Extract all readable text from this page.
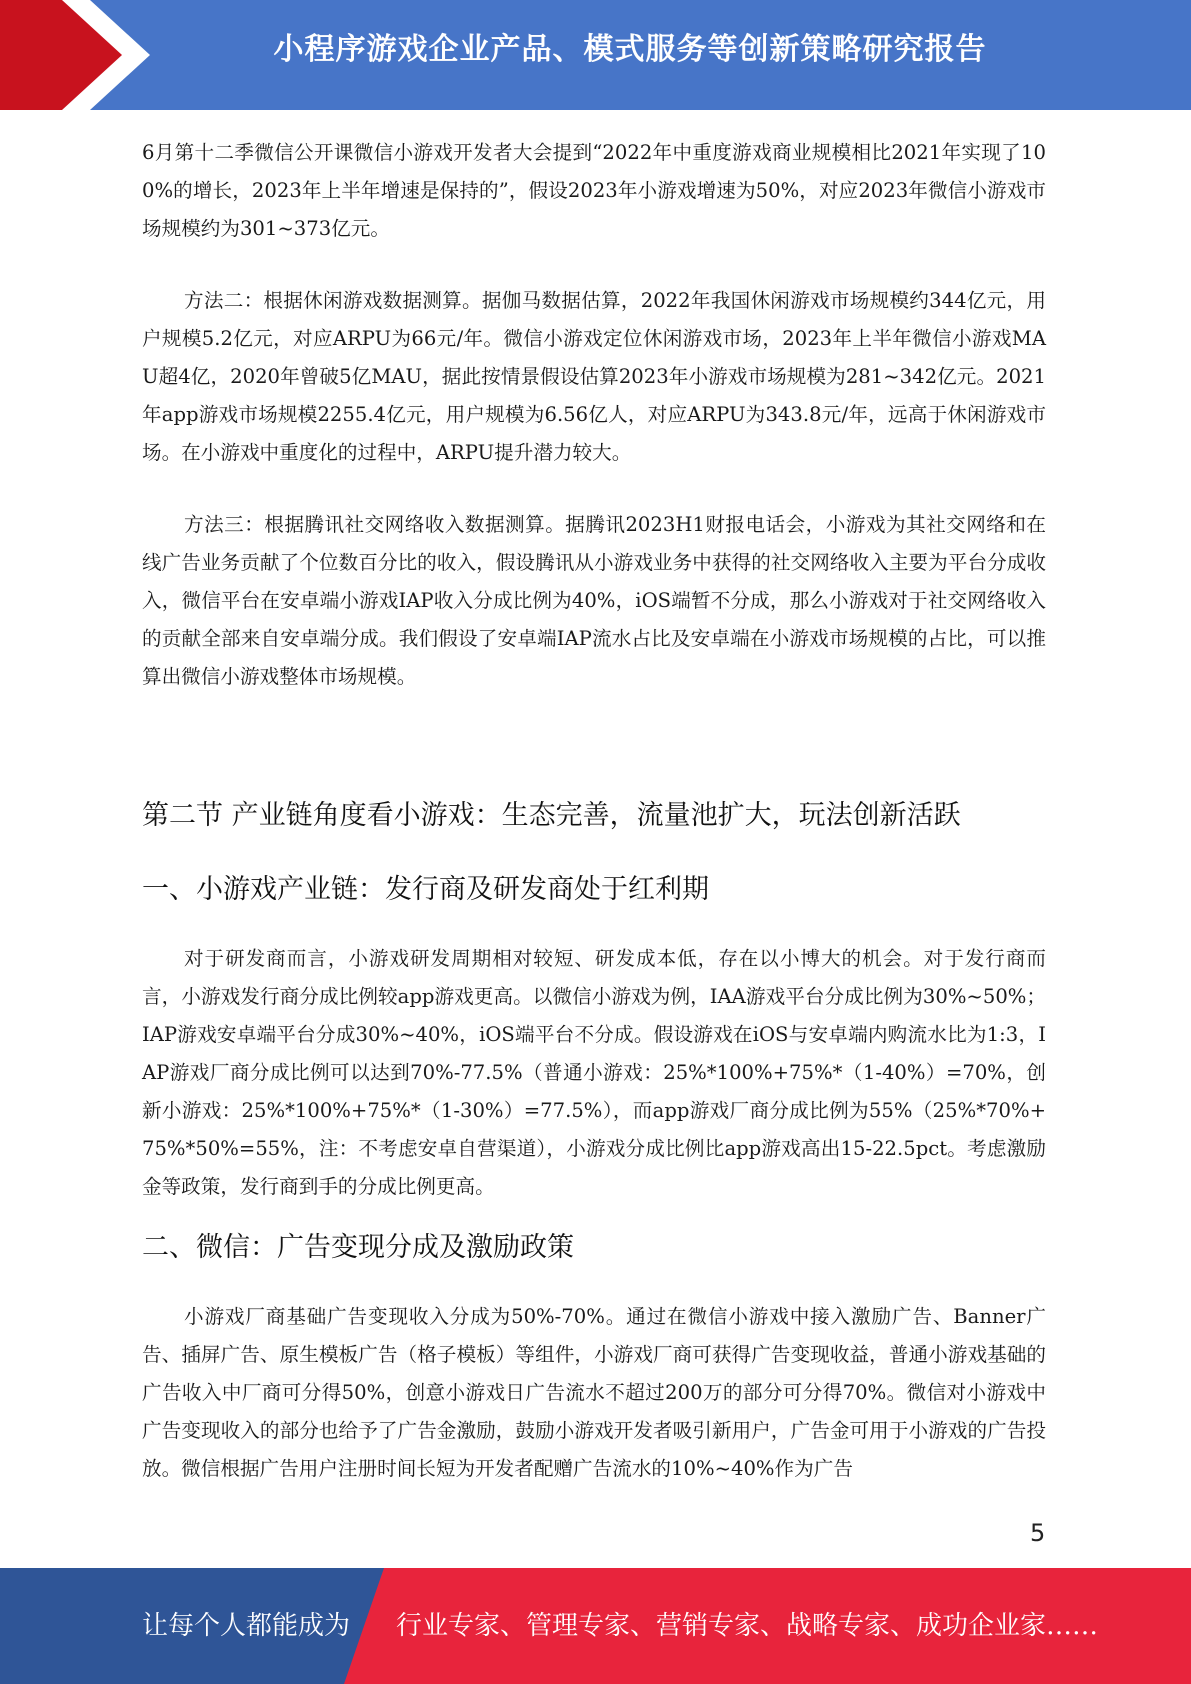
小程序游戏企业产品、模式服务等创新策略研究报告

6月第十二季微信公开课微信小游戏开发者大会提到“2022年中重度游戏商业规模相比2021年实现了100%的增长，2023年上半年增速是保持的”，假设2023年小游戏增速为50%，对应2023年微信小游戏市场规模约为301~373亿元。

方法二：根据休闲游戏数据测算。据伽马数据估算，2022年我国休闲游戏市场规模约344亿元，用户规模5.2亿元，对应ARPU为66元/年。微信小游戏定位休闲游戏市场，2023年上半年微信小游戏MAU超4亿，2020年曾破5亿MAU，据此按情景假设估算2023年小游戏市场规模为281~342亿元。2021年app游戏市场规模2255.4亿元，用户规模为6.56亿人，对应ARPU为343.8元/年，远高于休闲游戏市场。在小游戏中重度化的过程中，ARPU提升潜力较大。

方法三：根据腾讯社交网络收入数据测算。据腾讯2023H1财报电话会，小游戏为其社交网络和在线广告业务贡献了个位数百分比的收入，假设腾讯从小游戏业务中获得的社交网络收入主要为平台分成收入，微信平台在安卓端小游戏IAP收入分成比例为40%，iOS端暂不分成，那么小游戏对于社交网络收入的贡献全部来自安卓端分成。我们假设了安卓端IAP流水占比及安卓端在小游戏市场规模的占比，可以推算出微信小游戏整体市场规模。

第二节 产业链角度看小游戏：生态完善，流量池扩大，玩法创新活跃
一、小游戏产业链：发行商及研发商处于红利期

对于研发商而言，小游戏研发周期相对较短、研发成本低，存在以小博大的机会。对于发行商而言，小游戏发行商分成比例较app游戏更高。以微信小游戏为例，IAA游戏平台分成比例为30%~50%；IAP游戏安卓端平台分成30%~40%，iOS端平台不分成。假设游戏在iOS与安卓端内购流水比为1:3，IAP游戏厂商分成比例可以达到70%-77.5%（普通小游戏：25%*100%+75%*（1-40%）=70%，创新小游戏：25%*100%+75%*（1-30%）=77.5%），而app游戏厂商分成比例为55%（25%*70%+75%*50%=55%，注：不考虑安卓自营渠道），小游戏分成比例比app游戏高出15-22.5pct。考虑激励金等政策，发行商到手的分成比例更高。

二、微信：广告变现分成及激励政策

小游戏厂商基础广告变现收入分成为50%-70%。通过在微信小游戏中接入激励广告、Banner广告、插屏广告、原生模板广告（格子模板）等组件，小游戏厂商可获得广告变现收益，普通小游戏基础的广告收入中厂商可分得50%，创意小游戏日广告流水不超过200万的部分可分得70%。微信对小游戏中广告变现收入的部分也给予了广告金激励，鼓励小游戏开发者吸引新用户，广告金可用于小游戏的广告投放。微信根据广告用户注册时间长短为开发者配赠广告流水的10%~40%作为广告

5
让每个人都能成为 行业专家、管理专家、营销专家、战略专家、成功企业家……
